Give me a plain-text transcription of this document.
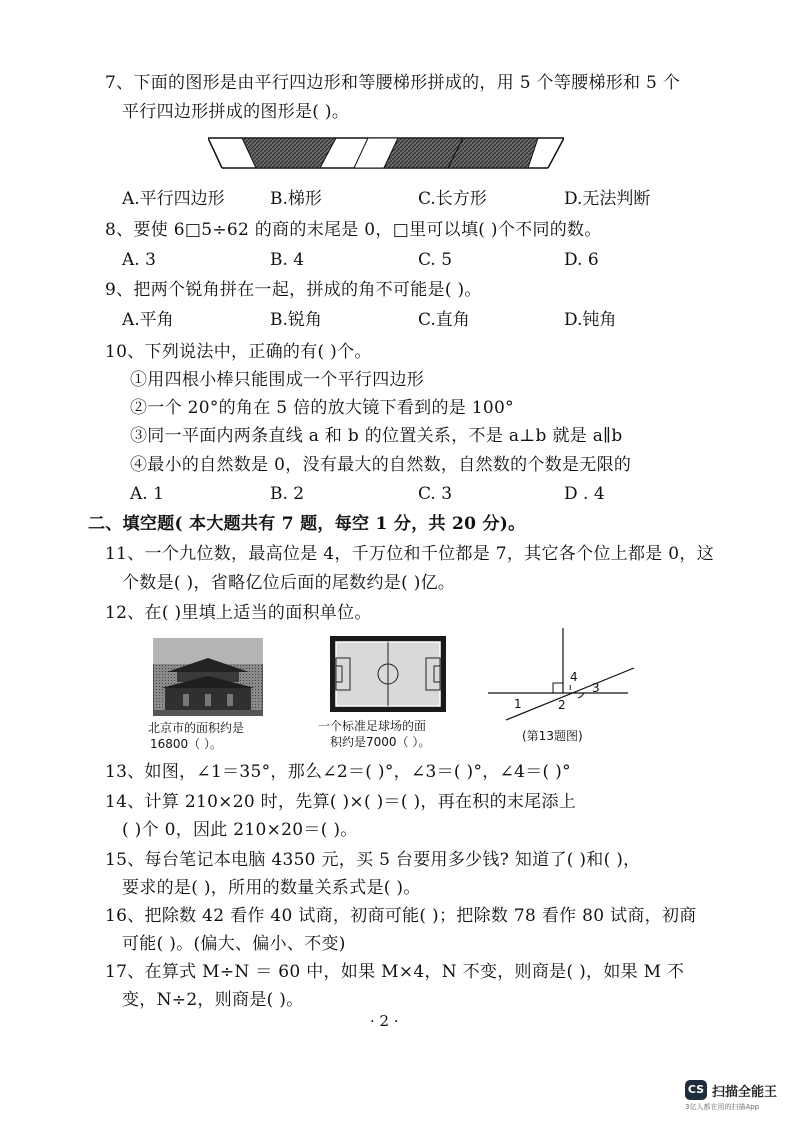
7、下面的图形是由平行四边形和等腰梯形拼成的，用 5 个等腰梯形和 5 个
平行四边形拼成的图形是( )。
A.平行四边形	B.梯形	C.长方形	D.无法判断
8、要使 6□5÷62 的商的末尾是 0，□里可以填( )个不同的数。
A. 3	B. 4	C. 5	D. 6
9、把两个锐角拼在一起，拼成的角不可能是( )。
A.平角	B.锐角	C.直角	D.钝角
10、下列说法中，正确的有( )个。
①用四根小棒只能围成一个平行四边形
②一个 20°的角在 5 倍的放大镜下看到的是 100°
③同一平面内两条直线 a 和 b 的位置关系，不是 a⊥b 就是 a∥b
④最小的自然数是 0，没有最大的自然数，自然数的个数是无限的
A. 1	B. 2	C. 3	D . 4
二、填空题( 本大题共有 7 题，每空 1 分，共 20 分)。
11、一个九位数，最高位是 4，千万位和千位都是 7，其它各个位上都是 0，这
个数是( )，省略亿位后面的尾数约是( )亿。
12、在( )里填上适当的面积单位。
北京市的面积约是
16800（ ）。
一个标准足球场的面
积约是7000（ ）。
4
3
1	2
(第13题图)
13、如图，∠1＝35°，那么∠2＝( )°，∠3＝( )°，∠4＝( )°
14、计算 210×20 时，先算( )×( )＝( )，再在积的末尾添上
( )个 0，因此 210×20＝( )。
15、每台笔记本电脑 4350 元，买 5 台要用多少钱? 知道了( )和( )，
要求的是( )，所用的数量关系式是( )。
16、把除数 42 看作 40 试商，初商可能( )；把除数 78 看作 80 试商，初商
可能( )。(偏大、偏小、不变)
17、在算式 M÷N ＝ 60 中，如果 M×4，N 不变，则商是( )，如果 M 不
变，N÷2，则商是( )。
· 2 ·
CS 扫描全能王
3亿人都在用的扫描App
